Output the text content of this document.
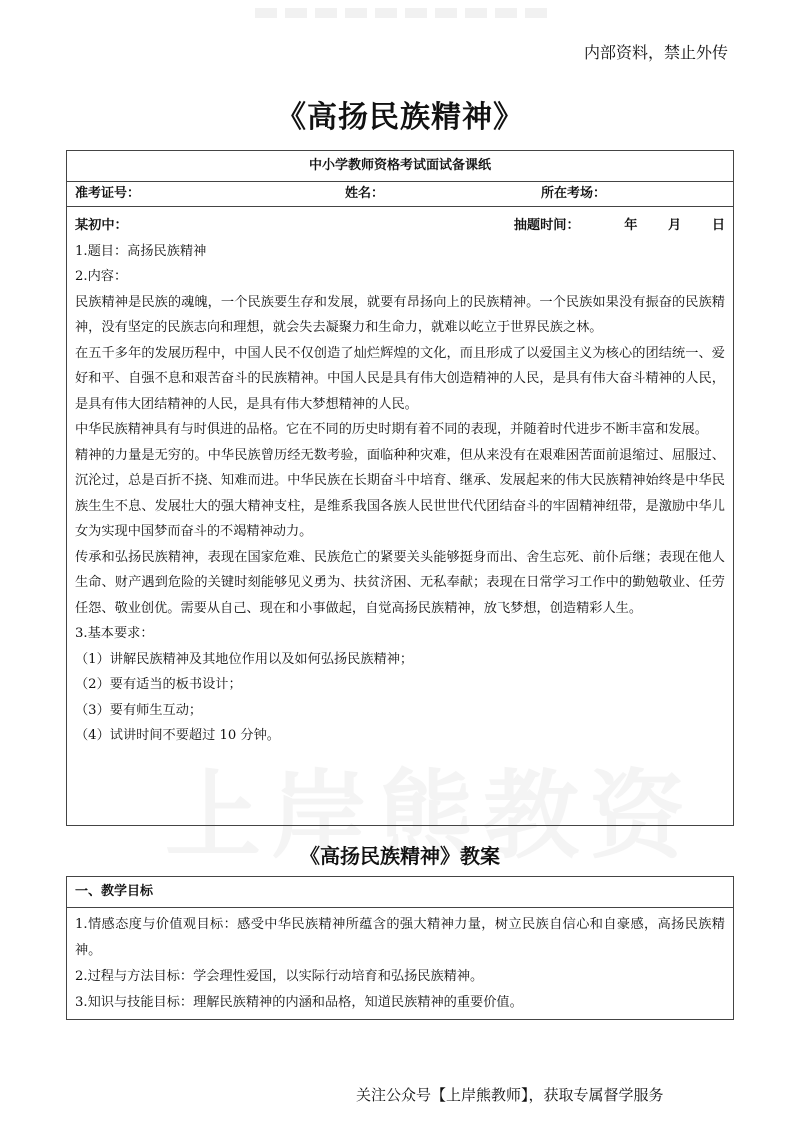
内部资料，禁止外传
《高扬民族精神》
中小学教师资格考试面试备课纸
准考证号：	姓名：	所在考场：
某初中：	抽题时间：	年 月 日
1.题目：高扬民族精神
2.内容：
民族精神是民族的魂魄，一个民族要生存和发展，就要有昂扬向上的民族精神。一个民族如果没有振奋的民族精神，没有坚定的民族志向和理想，就会失去凝聚力和生命力，就难以屹立于世界民族之林。
在五千多年的发展历程中，中国人民不仅创造了灿烂辉煌的文化，而且形成了以爱国主义为核心的团结统一、爱好和平、自强不息和艰苦奋斗的民族精神。中国人民是具有伟大创造精神的人民，是具有伟大奋斗精神的人民，是具有伟大团结精神的人民，是具有伟大梦想精神的人民。
中华民族精神具有与时俱进的品格。它在不同的历史时期有着不同的表现，并随着时代进步不断丰富和发展。
精神的力量是无穷的。中华民族曾历经无数考验，面临种种灾难，但从来没有在艰难困苦面前退缩过、屈服过、沉沦过，总是百折不挠、知难而进。中华民族在长期奋斗中培育、继承、发展起来的伟大民族精神始终是中华民族生生不息、发展壮大的强大精神支柱，是维系我国各族人民世世代代团结奋斗的牢固精神纽带，是激励中华儿女为实现中国梦而奋斗的不竭精神动力。
传承和弘扬民族精神，表现在国家危难、民族危亡的紧要关头能够挺身而出、舍生忘死、前仆后继；表现在他人生命、财产遇到危险的关键时刻能够见义勇为、扶贫济困、无私奉献；表现在日常学习工作中的勤勉敬业、任劳任怨、敬业创优。需要从自己、现在和小事做起，自觉高扬民族精神，放飞梦想，创造精彩人生。
3.基本要求：
（1）讲解民族精神及其地位作用以及如何弘扬民族精神；
（2）要有适当的板书设计；
（3）要有师生互动；
（4）试讲时间不要超过 10 分钟。
《高扬民族精神》教案
一、教学目标
1.情感态度与价值观目标：感受中华民族精神所蕴含的强大精神力量，树立民族自信心和自豪感，高扬民族精神。
2.过程与方法目标：学会理性爱国，以实际行动培育和弘扬民族精神。
3.知识与技能目标：理解民族精神的内涵和品格，知道民族精神的重要价值。
关注公众号【上岸熊教师】，获取专属督学服务
